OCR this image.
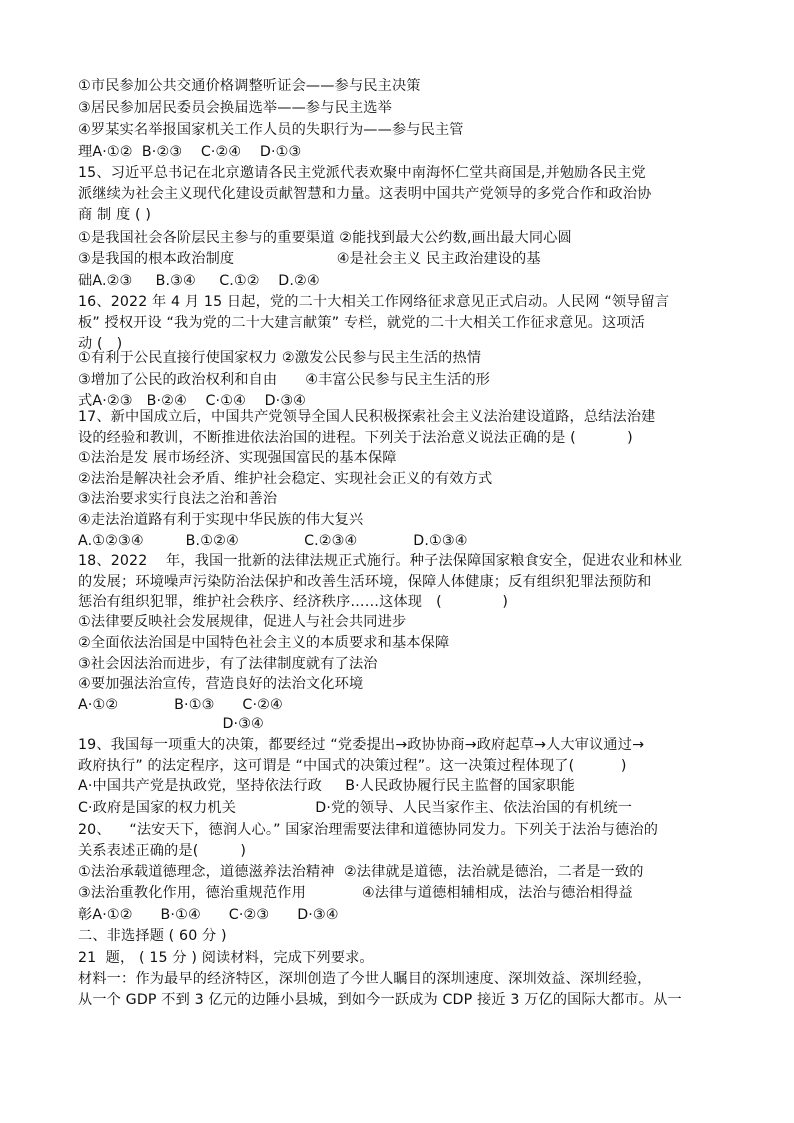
①市民参加公共交通价格调整听证会——参与民主决策
③居民参加居民委员会换届选举——参与民主选举
④罗某实名举报国家机关工作人员的失职行为——参与民主管
理A·①②  B·②③    C·②④    D·①③
15、习近平总书记在北京邀请各民主党派代表欢聚中南海怀仁堂共商国是,并勉励各民主党
派继续为社会主义现代化建设贡献智慧和力量。这表明中国共产党领导的多党合作和政治协
商 制 度 ( )
①是我国社会各阶层民主参与的重要渠道 ②能找到最大公约数,画出最大同心圆
③是我国的根本政治制度                      ④是社会主义 民主政治建设的基
础A.②③     B.③④     C.①②    D.②④
16、2022 年 4 月 15 日起，党的二十大相关工作网络征求意见正式启动。人民网 “领导留言
板” 授权开设 “我为党的二十大建言献策” 专栏，就党的二十大相关工作征求意见。这项活
动 (   )
①有利于公民直接行使国家权力 ②激发公民参与民主生活的热情
③增加了公民的政治权利和自由      ④丰富公民参与民主生活的形
式A·②③   B·②④    C·①④    D·③④
17、新中国成立后，中国共产党领导全国人民积极探索社会主义法治建设道路，总结法治建
设的经验和教训，不断推进依法治国的进程。下列关于法治意义说法正确的是 (           )
①法治是发 展市场经济、实现强国富民的基本保障
②法治是解决社会矛盾、维护社会稳定、实现社会正义的有效方式
③法治要求实行良法之治和善治
④走法治道路有利于实现中华民族的伟大复兴
A.①②③④         B.①②④              C.②③④            D.①③④
18、2022    年，我国一批新的法律法规正式施行。种子法保障国家粮食安全，促进农业和林业
的发展；环境噪声污染防治法保护和改善生活环境，保障人体健康；反有组织犯罪法预防和
惩治有组织犯罪，维护社会秩序、经济秩序……这体现   (             )
①法律要反映社会发展规律，促进人与社会共同进步
②全面依法治国是中国特色社会主义的本质要求和基本保障
③社会因法治而进步，有了法律制度就有了法治
④要加强法治宣传，营造良好的法治文化环境
A·①②            B·①③      C·②④
D·③④
19、我国每一项重大的决策，都要经过 “党委提出→政协协商→政府起草→人大审议通过→
政府执行” 的法定程序，这可谓是 “中国式的决策过程”。这一决策过程体现了(          )
A·中国共产党是执政党，坚持依法行政     B·人民政协履行民主监督的国家职能
C·政府是国家的权力机关                 D·党的领导、人民当家作主、依法治国的有机统一
20、    “法安天下，德润人心。” 国家治理需要法律和道德协同发力。下列关于法治与德治的
关系表述正确的是(         )
①法治承载道德理念，道德滋养法治精神  ②法律就是道德，法治就是德治，二者是一致的
③法治重教化作用，德治重规范作用            ④法律与道德相辅相成，法治与德治相得益
彰A·①②      B·①④      C·②③      D·③④
二、非选择题 ( 60 分 )
21  题， ( 15 分 ) 阅读材料，完成下列要求。
材料一：作为最早的经济特区，深圳创造了今世人瞩目的深圳速度、深圳效益、深圳经验，
从一个 GDP 不到 3 亿元的边陲小县城，到如今一跃成为 CDP 接近 3 万亿的国际大都市。从一
